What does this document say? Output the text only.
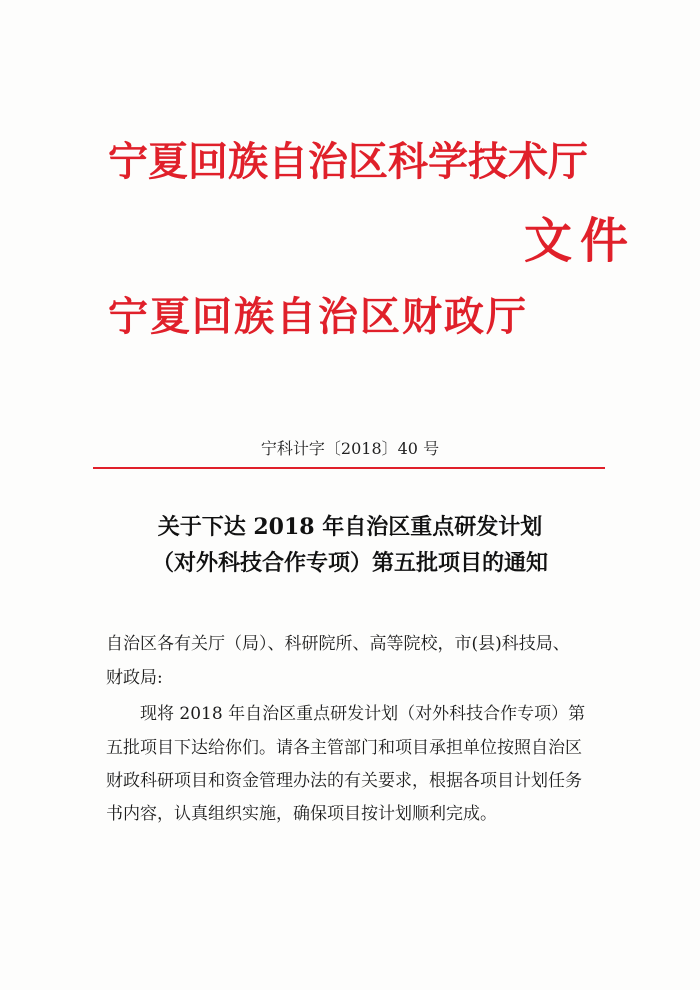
宁夏回族自治区科学技术厅
文件
宁夏回族自治区财政厅
宁科计字〔2018〕40 号
关于下达 2018 年自治区重点研发计划
（对外科技合作专项）第五批项目的通知
自治区各有关厅（局）、科研院所、高等院校，市(县)科技局、
财政局:
现将 2018 年自治区重点研发计划（对外科技合作专项）第
五批项目下达给你们。请各主管部门和项目承担单位按照自治区
财政科研项目和资金管理办法的有关要求，根据各项目计划任务
书内容，认真组织实施，确保项目按计划顺利完成。
